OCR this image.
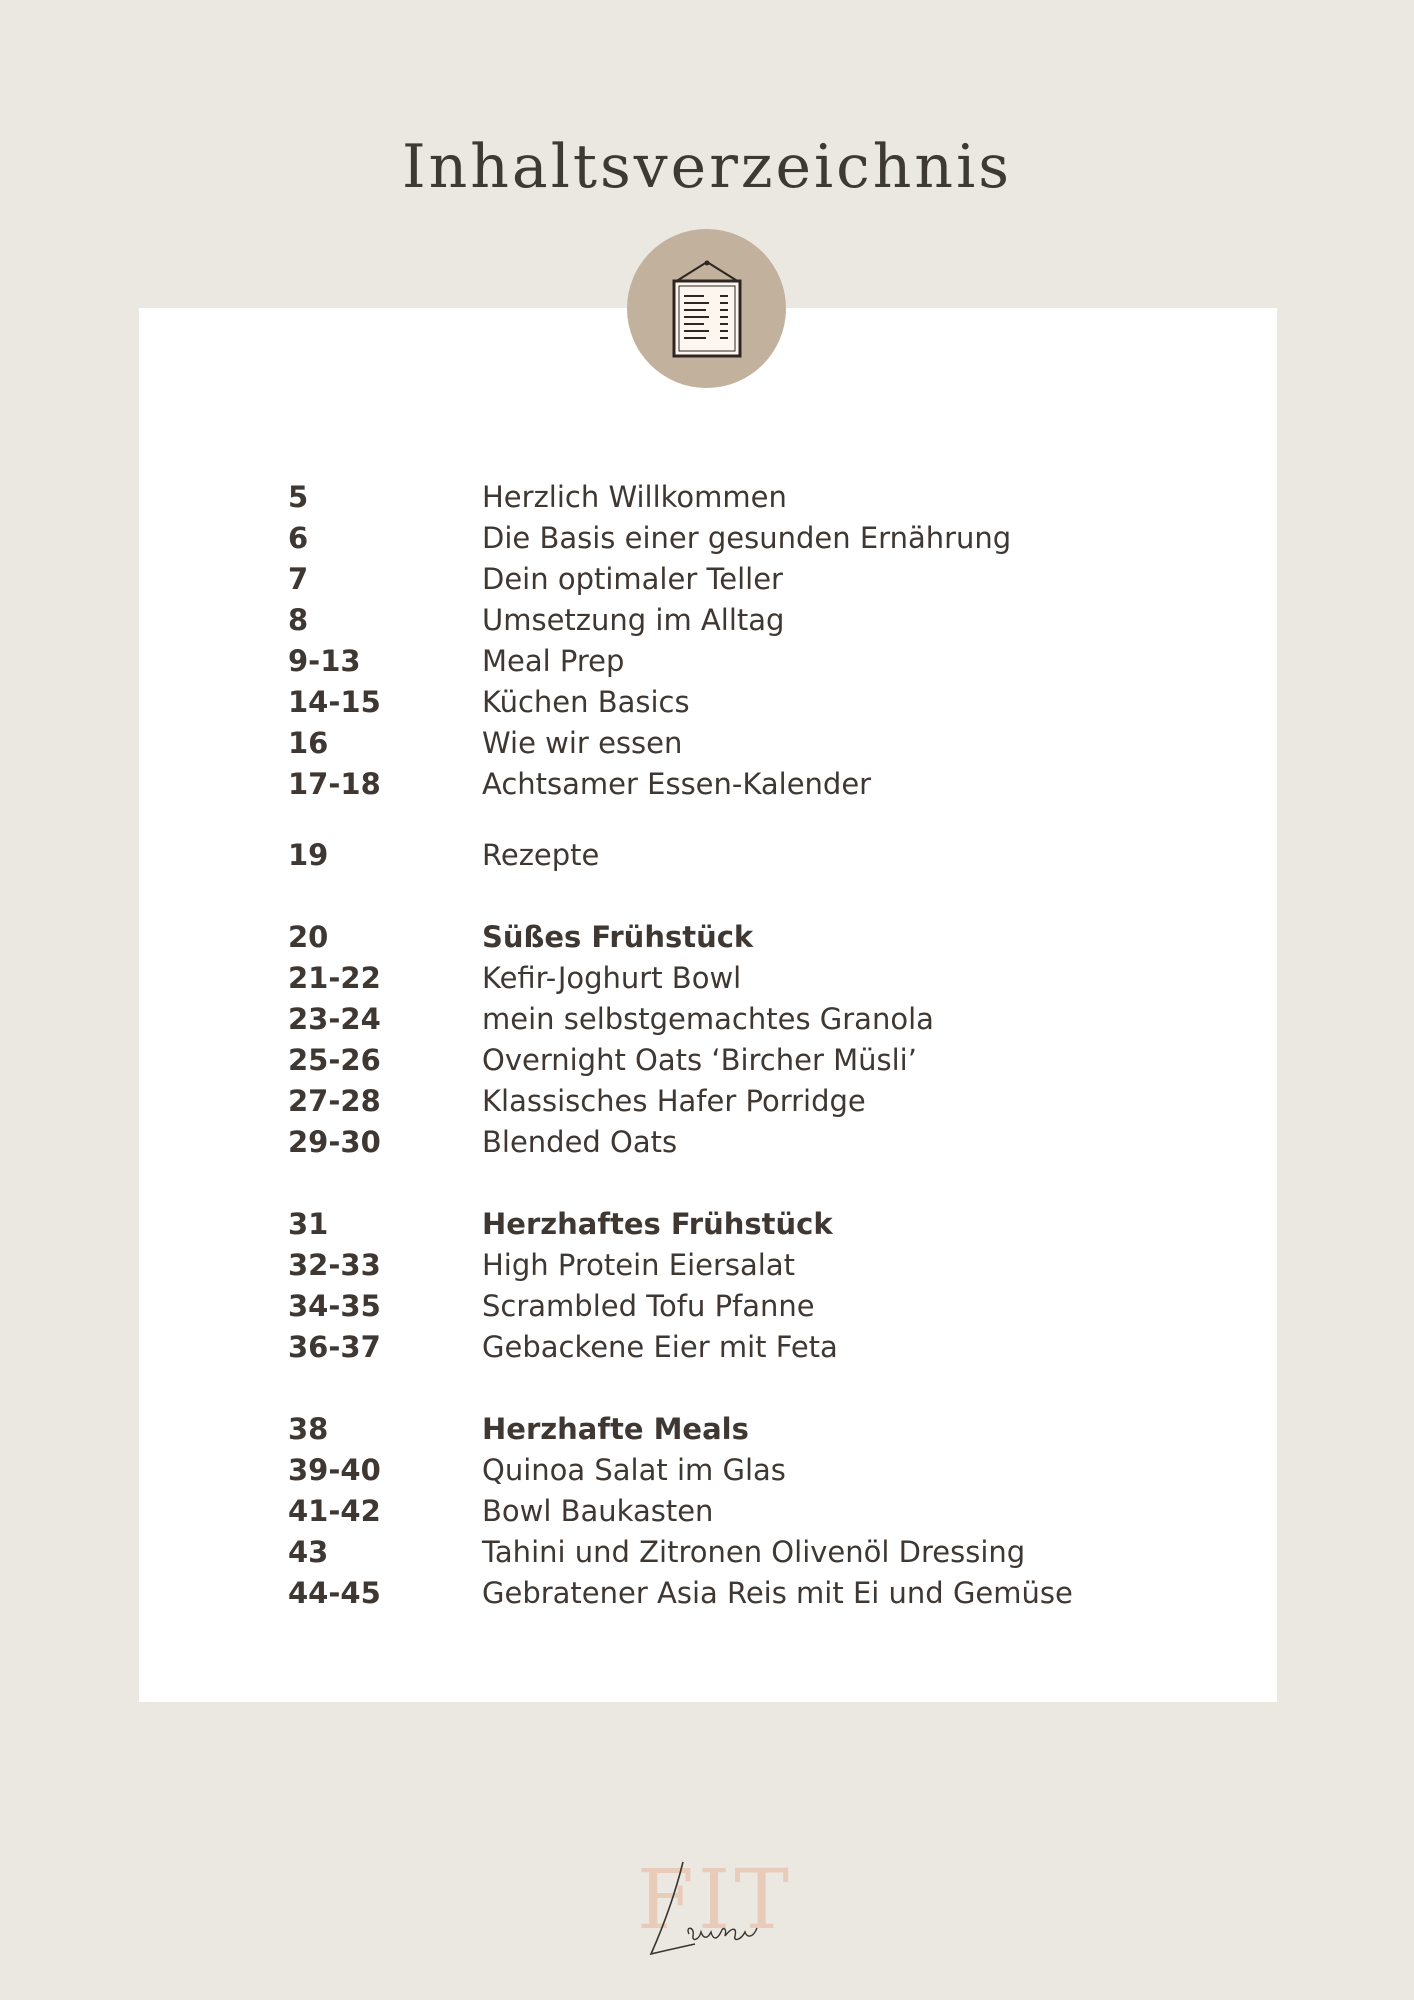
Inhaltsverzeichnis
5	Herzlich Willkommen
6	Die Basis einer gesunden Ernährung
7	Dein optimaler Teller
8	Umsetzung im Alltag
9-13	Meal Prep
14-15	Küchen Basics
16	Wie wir essen
17-18	Achtsamer Essen-Kalender
19	Rezepte
20	Süßes Frühstück
21-22	Kefir-Joghurt Bowl
23-24	mein selbstgemachtes Granola
25-26	Overnight Oats ‘Bircher Müsli’
27-28	Klassisches Hafer Porridge
29-30	Blended Oats
31	Herzhaftes Frühstück
32-33	High Protein Eiersalat
34-35	Scrambled Tofu Pfanne
36-37	Gebackene Eier mit Feta
38	Herzhafte Meals
39-40	Quinoa Salat im Glas
41-42	Bowl Baukasten
43	Tahini und Zitronen Olivenöl Dressing
44-45	Gebratener Asia Reis mit Ei und Gemüse
FIT
